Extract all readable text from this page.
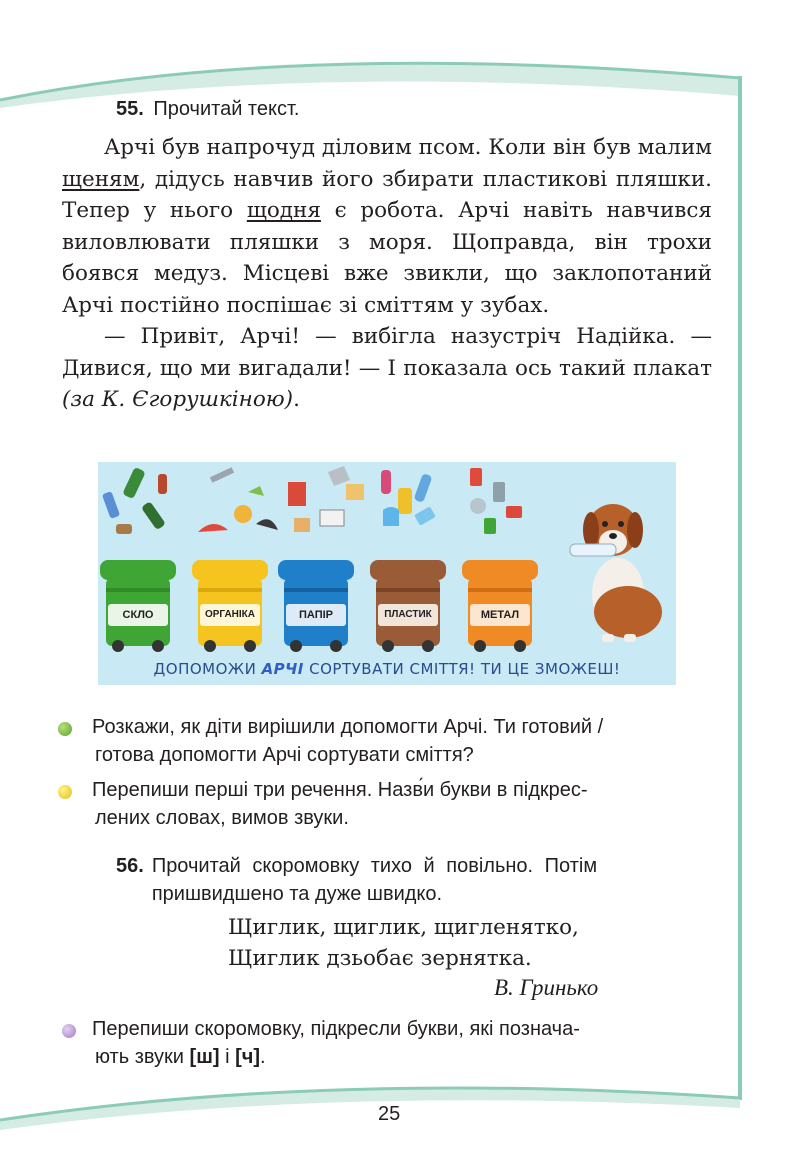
55. Прочитай текст.

Арчі був напрочуд діловим псом. Коли він був малим щеням, дідусь навчив його збирати пластикові пляшки. Тепер у нього щодня є робота. Арчі навіть навчився виловлювати пляшки з моря. Щоправда, він трохи боявся медуз. Місцеві вже звикли, що заклопотаний Арчі постійно поспішає зі сміттям у зубах.

— Привіт, Арчі! — вибігла назустріч Надійка. — Дивися, що ми вигадали! — І показала ось такий плакат (за К. Єгорушкіною).

СКЛО	ОРГАНІКА	ПАПІР	ПЛАСТИК	МЕТАЛ
ДОПОМОЖИ АРЧІ СОРТУВАТИ СМІТТЯ! ТИ ЦЕ ЗМОЖЕШ!
Розкажи, як діти вирішили допомогти Арчі. Ти готовий /
готова допомогти Арчі сортувати сміття?
Перепиши перші три речення. Назв́и букви в підкрес-
лених словах, вимов звуки.
56. Прочитай скоромовку тихо й повільно. Потім
пришвидшено та дуже швидко.
Щиглик, щиглик, щигленятко,
Щиглик дзьобає зернятка.
В. Гринько
Перепиши скоромовку, підкресли букви, які познача-
ють звуки [ш] і [ч].
25
